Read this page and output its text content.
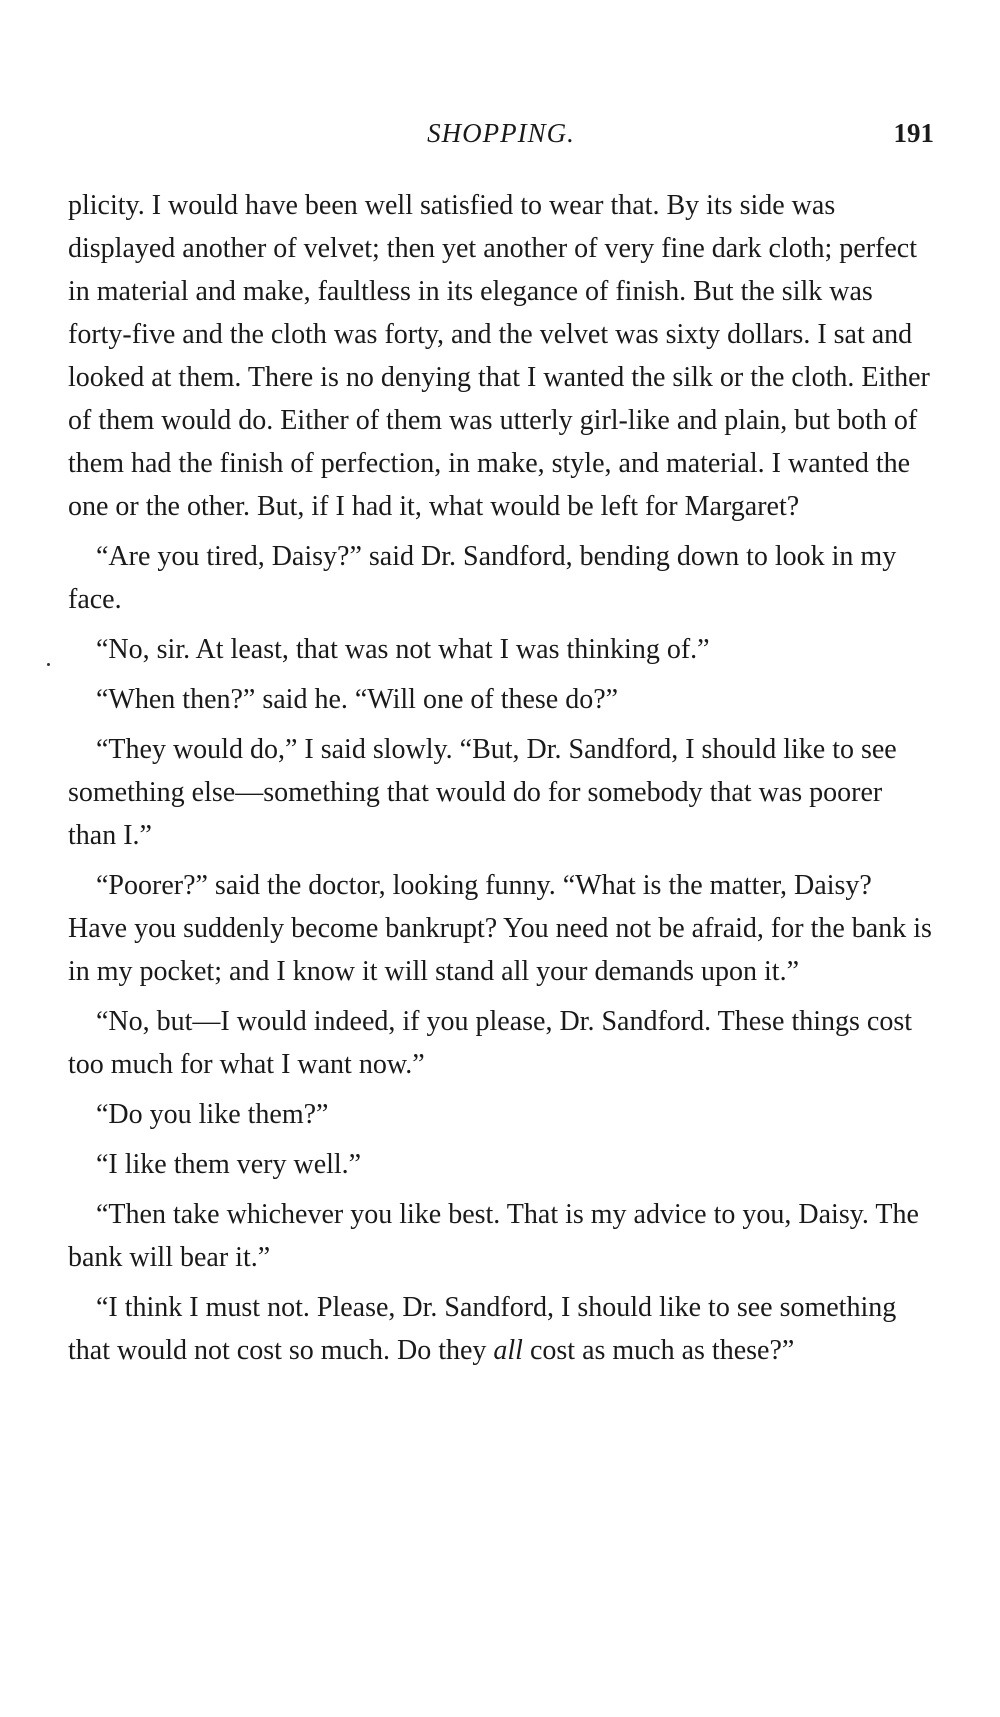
SHOPPING.	191

plicity. I would have been well satisfied to wear that. By its side was displayed another of velvet; then yet another of very fine dark cloth; perfect in material and make, faultless in its elegance of finish. But the silk was forty-five and the cloth was forty, and the velvet was sixty dollars. I sat and looked at them. There is no denying that I wanted the silk or the cloth. Either of them would do. Either of them was utterly girl-like and plain, but both of them had the finish of perfection, in make, style, and material. I wanted the one or the other. But, if I had it, what would be left for Margaret?

“Are you tired, Daisy?” said Dr. Sandford, bending down to look in my face.

“No, sir. At least, that was not what I was thinking of.”

“When then?” said he. “Will one of these do?”

“They would do,” I said slowly. “But, Dr. Sandford, I should like to see something else—something that would do for somebody that was poorer than I.”

“Poorer?” said the doctor, looking funny. “What is the matter, Daisy? Have you suddenly become bankrupt? You need not be afraid, for the bank is in my pocket; and I know it will stand all your demands upon it.”

“No, but—I would indeed, if you please, Dr. Sandford. These things cost too much for what I want now.”

“Do you like them?”

“I like them very well.”

“Then take whichever you like best. That is my advice to you, Daisy. The bank will bear it.”

“I think I must not. Please, Dr. Sandford, I should like to see something that would not cost so much. Do they all cost as much as these?”
